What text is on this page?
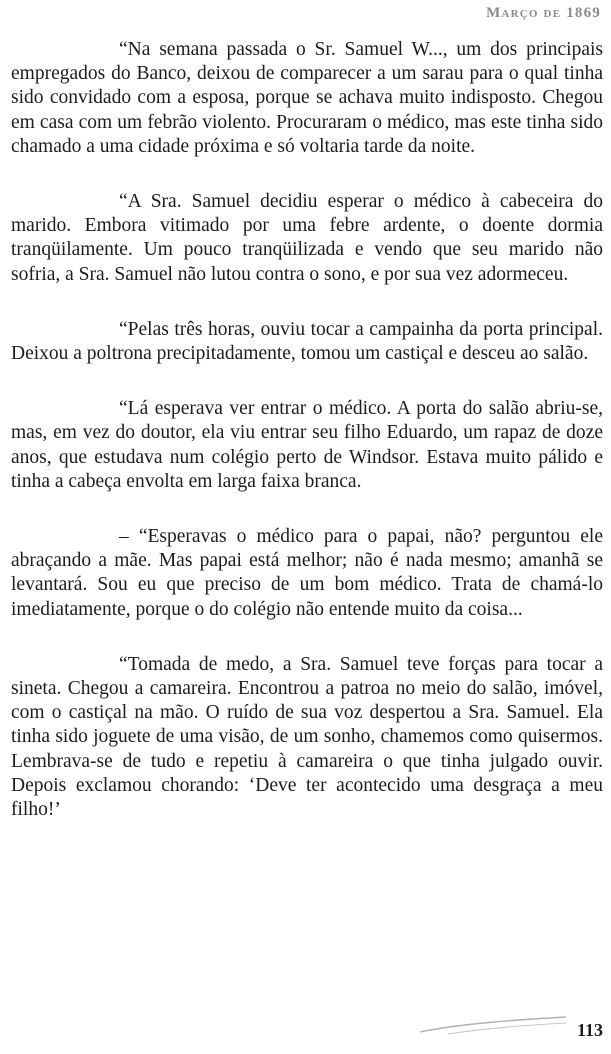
Março de 1869

“Na semana passada o Sr. Samuel W..., um dos principais empregados do Banco, deixou de comparecer a um sarau para o qual tinha sido convidado com a esposa, porque se achava muito indisposto. Chegou em casa com um febrão violento. Procuraram o médico, mas este tinha sido chamado a uma cidade próxima e só voltaria tarde da noite.

“A Sra. Samuel decidiu esperar o médico à cabeceira do marido. Embora vitimado por uma febre ardente, o doente dormia tranqüilamente. Um pouco tranqüilizada e vendo que seu marido não sofria, a Sra. Samuel não lutou contra o sono, e por sua vez adormeceu.

“Pelas três horas, ouviu tocar a campainha da porta principal. Deixou a poltrona precipitadamente, tomou um castiçal e desceu ao salão.

“Lá esperava ver entrar o médico. A porta do salão abriu-se, mas, em vez do doutor, ela viu entrar seu filho Eduardo, um rapaz de doze anos, que estudava num colégio perto de Windsor. Estava muito pálido e tinha a cabeça envolta em larga faixa branca.

– “Esperavas o médico para o papai, não? perguntou ele abraçando a mãe. Mas papai está melhor; não é nada mesmo; amanhã se levantará. Sou eu que preciso de um bom médico. Trata de chamá-lo imediatamente, porque o do colégio não entende muito da coisa...

“Tomada de medo, a Sra. Samuel teve forças para tocar a sineta. Chegou a camareira. Encontrou a patroa no meio do salão, imóvel, com o castiçal na mão. O ruído de sua voz despertou a Sra. Samuel. Ela tinha sido joguete de uma visão, de um sonho, chamemos como quisermos. Lembrava-se de tudo e repetiu à camareira o que tinha julgado ouvir. Depois exclamou chorando: ‘Deve ter acontecido uma desgraça a meu filho!’

113
